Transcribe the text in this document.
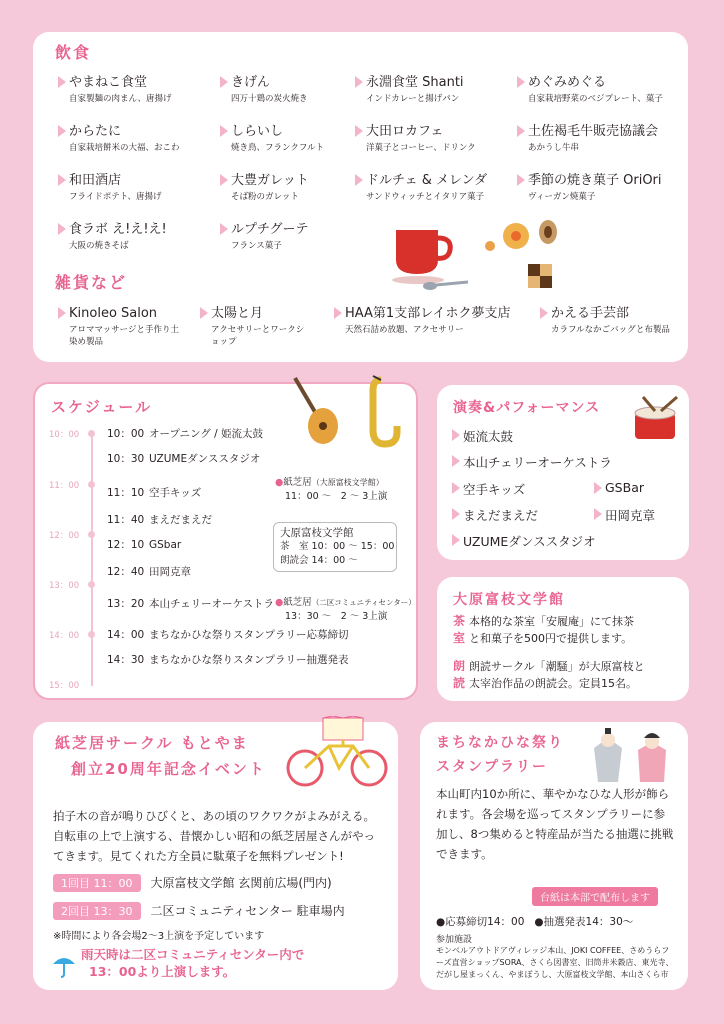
飲食
やまねこ食堂
自家製麺の肉まん、唐揚げ
きげん
四万十鶏の炭火焼き
永淵食堂 Shanti
インドカレーと揚げパン
めぐみめぐる
自家栽培野菜のベジプレート、菓子
からたに
自家栽培餅米の大福、おこわ
しらいし
焼き鳥、フランクフルト
大田ロカフェ
洋菓子とコーヒー、ドリンク
土佐褐毛牛販売協議会
あかうし牛串
和田酒店
フライドポテト、唐揚げ
大豊ガレット
そば粉のガレット
ドルチェ & メレンダ
サンドウィッチとイタリア菓子
季節の焼き菓子 OriOri
ヴィーガン焼菓子
食ラボ え!え!え!
大阪の焼きそば
ルプチグーテ
フランス菓子
雑貨など
Kinoleo Salon
アロママッサージと手作り土染め製品
太陽と月
アクセサリーとワークショップ
HAA第1支部レイホク夢支店
天然石詰め放題、アクセサリー
かえる手芸部
カラフルなかごバッグと布製品
スケジュール
10：00
11：00
12：00
13：00
14：00
15：00
10：00 オープニング / 姫流太鼓
10：30 UZUMEダンススタジオ
11：10 空手キッズ
11：40 まえだまえだ
12：10 GSbar
12：40 田岡克章
13：20 本山チェリーオーケストラ
14：00 まちなかひな祭りスタンプラリー応募締切
14：30 まちなかひな祭りスタンプラリー抽選発表
●紙芝居（大原富枝文学館）
11：00 ～　2 ～ 3上演
大原富枝文学館
茶　室 10：00 ～ 15：00
朗読会 14：00 ～
●紙芝居（二区コミュニティセンター）
13：30 ～　2 ～ 3上演
演奏&パフォーマンス
姫流太鼓
本山チェリーオーケストラ
空手キッズ	GSBar
まえだまえだ	田岡克章
UZUMEダンススタジオ
大原富枝文学館
茶 本格的な茶室「安履庵」にて抹茶
室 と和菓子を500円で提供します。
朗 朗読サークル「潮騒」が大原富枝と
読 太宰治作品の朗読会。定員15名。
紙芝居サークル もとやま
創立20周年記念イベント
拍子木の音が鳴りひびくと、あの頃のワクワクがよみがえる。自転車の上で上演する、昔懐かしい昭和の紙芝居屋さんがやってきます。見てくれた方全員に駄菓子を無料プレゼント!
1回目 11：00 大原富枝文学館 玄関前広場(門内)
2回目 13：30 二区コミュニティセンター 駐車場内
※時間により各会場2～3上演を予定しています
雨天時は二区コミュニティセンター内で
13：00より上演します。
まちなかひな祭り
スタンプラリー
本山町内10か所に、華やかなひな人形が飾られます。各会場を巡ってスタンプラリーに参加し、8つ集めると特産品が当たる抽選に挑戦できます。
台紙は本部で配布します
●応募締切14：00 ●抽選発表14：30～
参加施設
モンベルアウトドアヴィレッジ本山、JOKI COFFEE、さめうらフーズ直営ショップSORA、さくら図書室、旧筒井米穀店、東光寺、だがし屋まっくん、やまぼうし、大原富枝文学館、本山さくら市
